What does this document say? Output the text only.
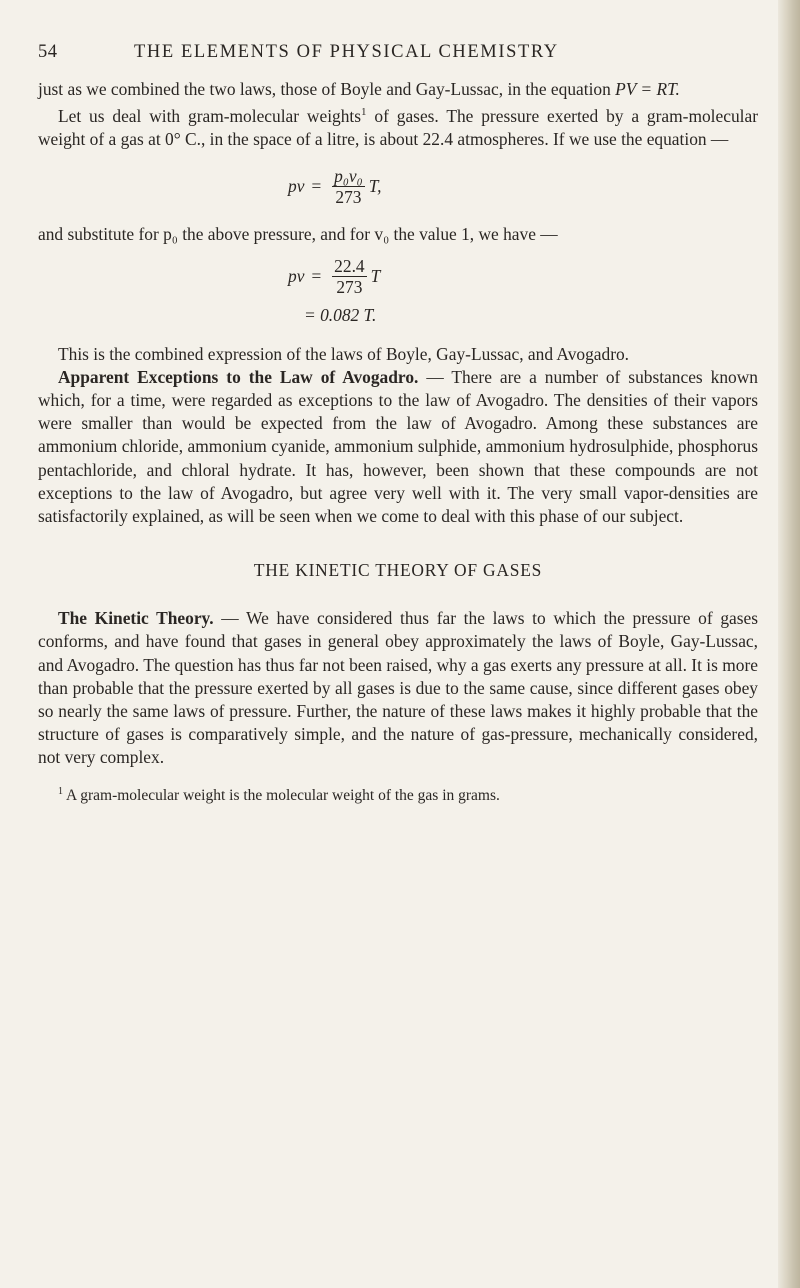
54	THE ELEMENTS OF PHYSICAL CHEMISTRY

just as we combined the two laws, those of Boyle and Gay-Lussac, in the equation PV = RT.

Let us deal with gram-molecular weights$^1$ of gases. The pressure exerted by a gram-molecular weight of a gas at 0° C., in the space of a litre, is about 22.4 atmospheres. If we use the equation —

pv = $\frac{\text{p₀v₀}}{273} T$,

and substitute for p₀ the above pressure, and for v₀ the value 1, we have —

pv = $\frac{22.4}{273}$ T
= 0.082 T.

This is the combined expression of the laws of Boyle, Gay-Lussac, and Avogadro.

Apparent Exceptions to the Law of Avogadro. — There are a number of substances known which, for a time, were regarded as exceptions to the law of Avogadro. The densities of their vapors were smaller than would be expected from the law of Avogadro. Among these substances are ammonium chloride, ammonium cyanide, ammonium sulphide, ammonium hydrosulphide, phosphorus pentachloride, and chloral hydrate. It has, however, been shown that these compounds are not exceptions to the law of Avogadro, but agree very well with it. The very small vapor-densities are satisfactorily explained, as will be seen when we come to deal with this phase of our subject.

THE KINETIC THEORY OF GASES

The Kinetic Theory. — We have considered thus far the laws to which the pressure of gases conforms, and have found that gases in general obey approximately the laws of Boyle, Gay-Lussac, and Avogadro. The question has thus far not been raised, why a gas exerts any pressure at all. It is more than probable that the pressure exerted by all gases is due to the same cause, since different gases obey so nearly the same laws of pressure. Further, the nature of these laws makes it highly probable that the structure of gases is comparatively simple, and the nature of gas-pressure, mechanically considered, not very complex.

$^1$ A gram-molecular weight is the molecular weight of the gas in grams.
